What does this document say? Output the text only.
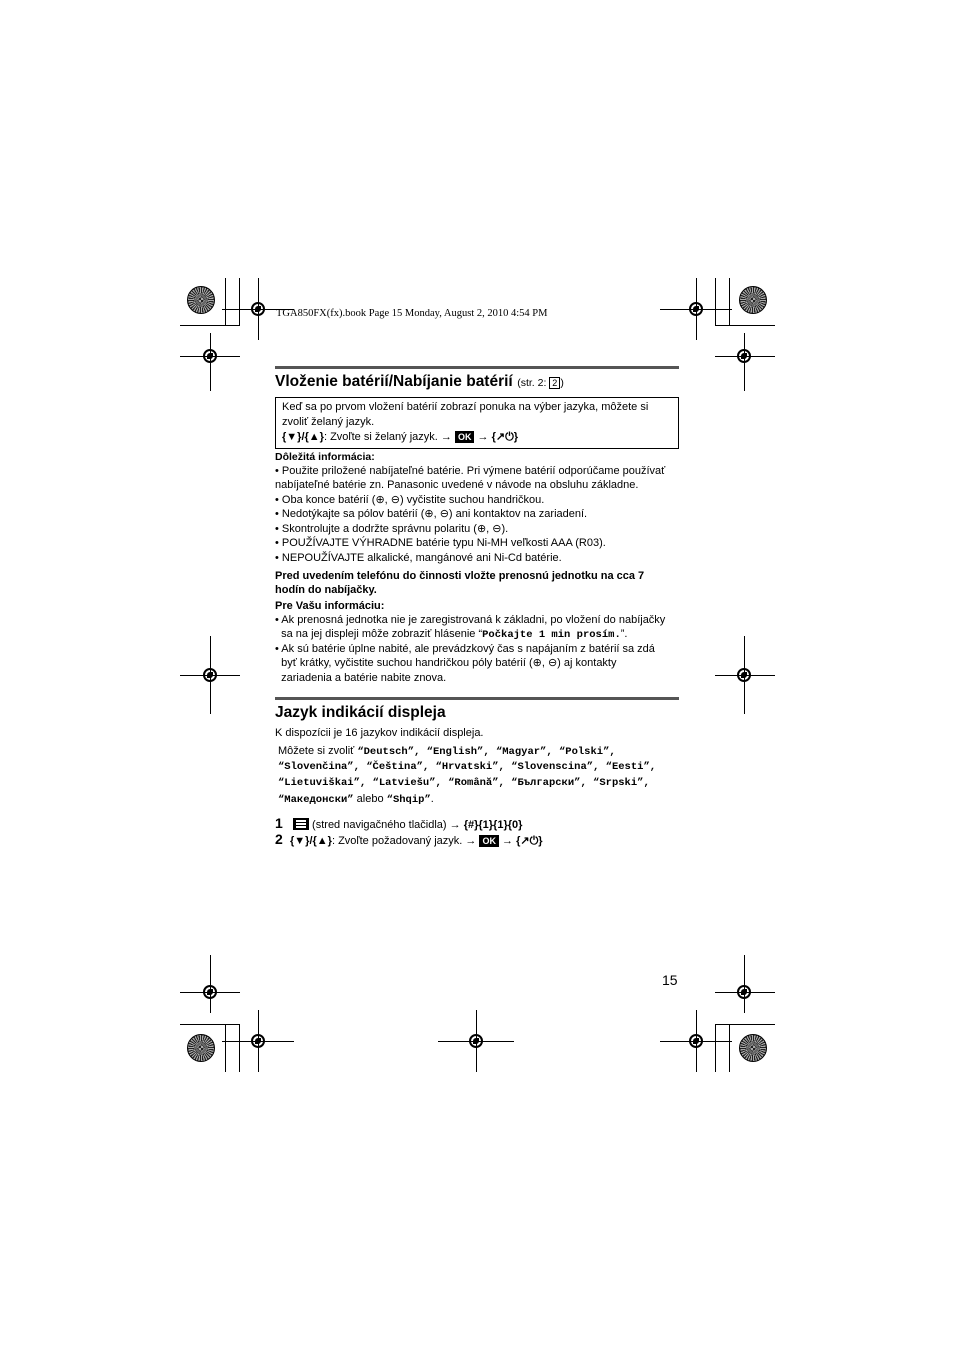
TGA850FX(fx).book Page 15 Monday, August 2, 2010 4:54 PM
Vloženie batérií/Nabíjanie batérií (str. 2: 2 )
Keď sa po prvom vložení batérií zobrazí ponuka na výber jazyka, môžete si
zvoliť želaný jazyk.
{▼}/{▲}: Zvoľte si želaný jazyk. → OK → {↗⏻}
Dôležitá informácia:
• Použite priložené nabíjateľné batérie. Pri výmene batérií odporúčame používať
nabíjateľné batérie zn. Panasonic uvedené v návode na obsluhu základne.
• Oba konce batérií (⊕, ⊖) vyčistite suchou handričkou.
• Nedotýkajte sa pólov batérií (⊕, ⊖) ani kontaktov na zariadení.
• Skontrolujte a dodržte správnu polaritu (⊕, ⊖).
• POUŽÍVAJTE VÝHRADNE batérie typu Ni-MH veľkosti AAA (R03).
• NEPOUŽÍVAJTE alkalické, mangánové ani Ni-Cd batérie.
Pred uvedením telefónu do činnosti vložte prenosnú jednotku na cca 7
hodín do nabíjačky.
Pre Vašu informáciu:
• Ak prenosná jednotka nie je zaregistrovaná k základni, po vložení do nabíjačky
sa na jej displeji môže zobraziť hlásenie “Počkajte 1 min prosím.”.
• Ak sú batérie úplne nabité, ale prevádzkový čas s napájaním z batérií sa zdá
byť krátky, vyčistite suchou handričkou póly batérií (⊕, ⊖) aj kontakty
zariadenia a batérie nabite znova.
Jazyk indikácií displeja
K dispozícii je 16 jazykov indikácií displeja.
Môžete si zvoliť “Deutsch”, “English”, “Magyar”, “Polski”,
“Slovenčina”, “Čeština”, “Hrvatski”, “Slovenscina”, “Eesti”,
“Lietuviškai”, “Latviešu”, “Română”, “Български”, “Srpski”,
“Македонски” alebo “Shqip”.
1	(stred navigačného tlačidla) → {#}{1}{1}{0}
2 {▼}/{▲}: Zvoľte požadovaný jazyk. → OK → {↗⏻}
15
